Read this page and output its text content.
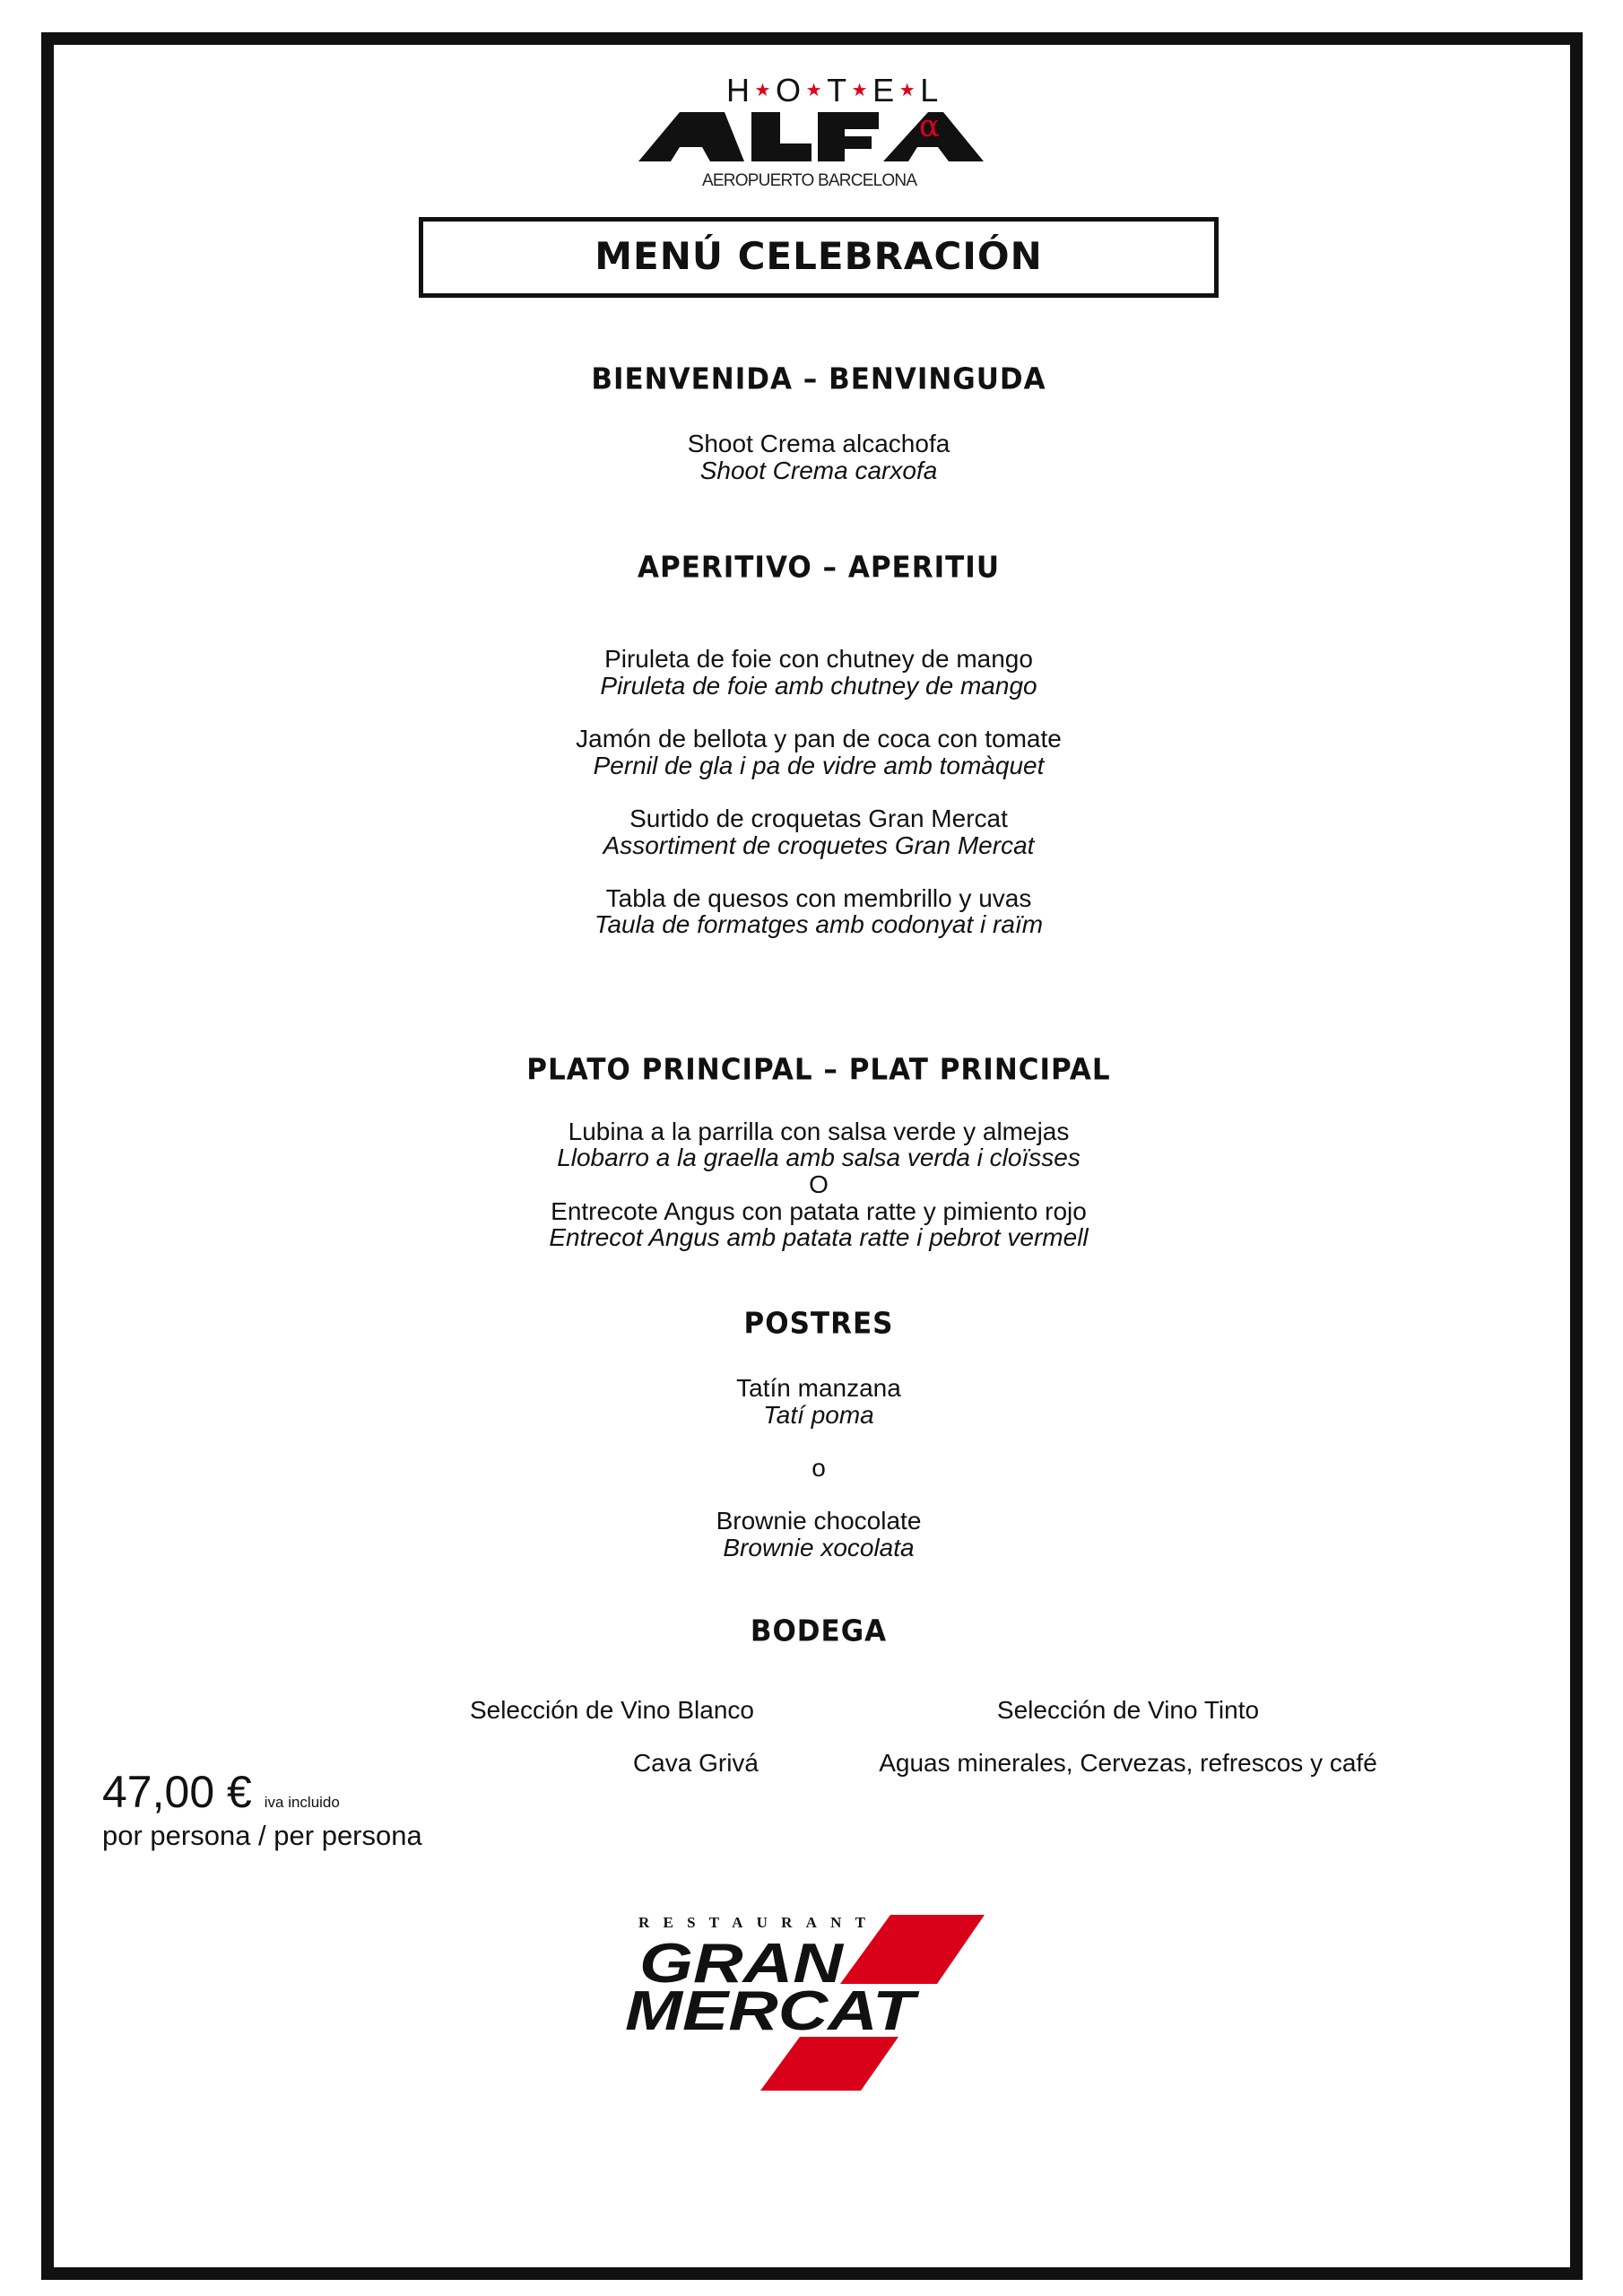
H ★ O ★ T ★ E ★ L
α
AEROPUERTO BARCELONA
MENÚ CELEBRACIÓN
BIENVENIDA – BENVINGUDA
Shoot Crema alcachofa
Shoot Crema carxofa
APERITIVO – APERITIU
Piruleta de foie con chutney de mango
Piruleta de foie amb chutney de mango
Jamón de bellota y pan de coca con tomate
Pernil de gla i pa de vidre amb tomàquet
Surtido de croquetas Gran Mercat
Assortiment de croquetes Gran Mercat
Tabla de quesos con membrillo y uvas
Taula de formatges amb codonyat i raïm
PLATO PRINCIPAL – PLAT PRINCIPAL
Lubina a la parrilla con salsa verde y almejas
Llobarro a la graella amb salsa verda i cloïsses
O
Entrecote Angus con patata ratte y pimiento rojo
Entrecot Angus amb patata ratte i pebrot vermell
POSTRES
Tatín manzana
Tatí poma
o
Brownie chocolate
Brownie xocolata
BODEGA
Selección de Vino Blanco	Selección de Vino Tinto
Cava Grivá	Aguas minerales, Cervezas, refrescos y café
47,00 € iva incluido
por persona / per persona
RESTAURANT
GRAN
MERCAT
